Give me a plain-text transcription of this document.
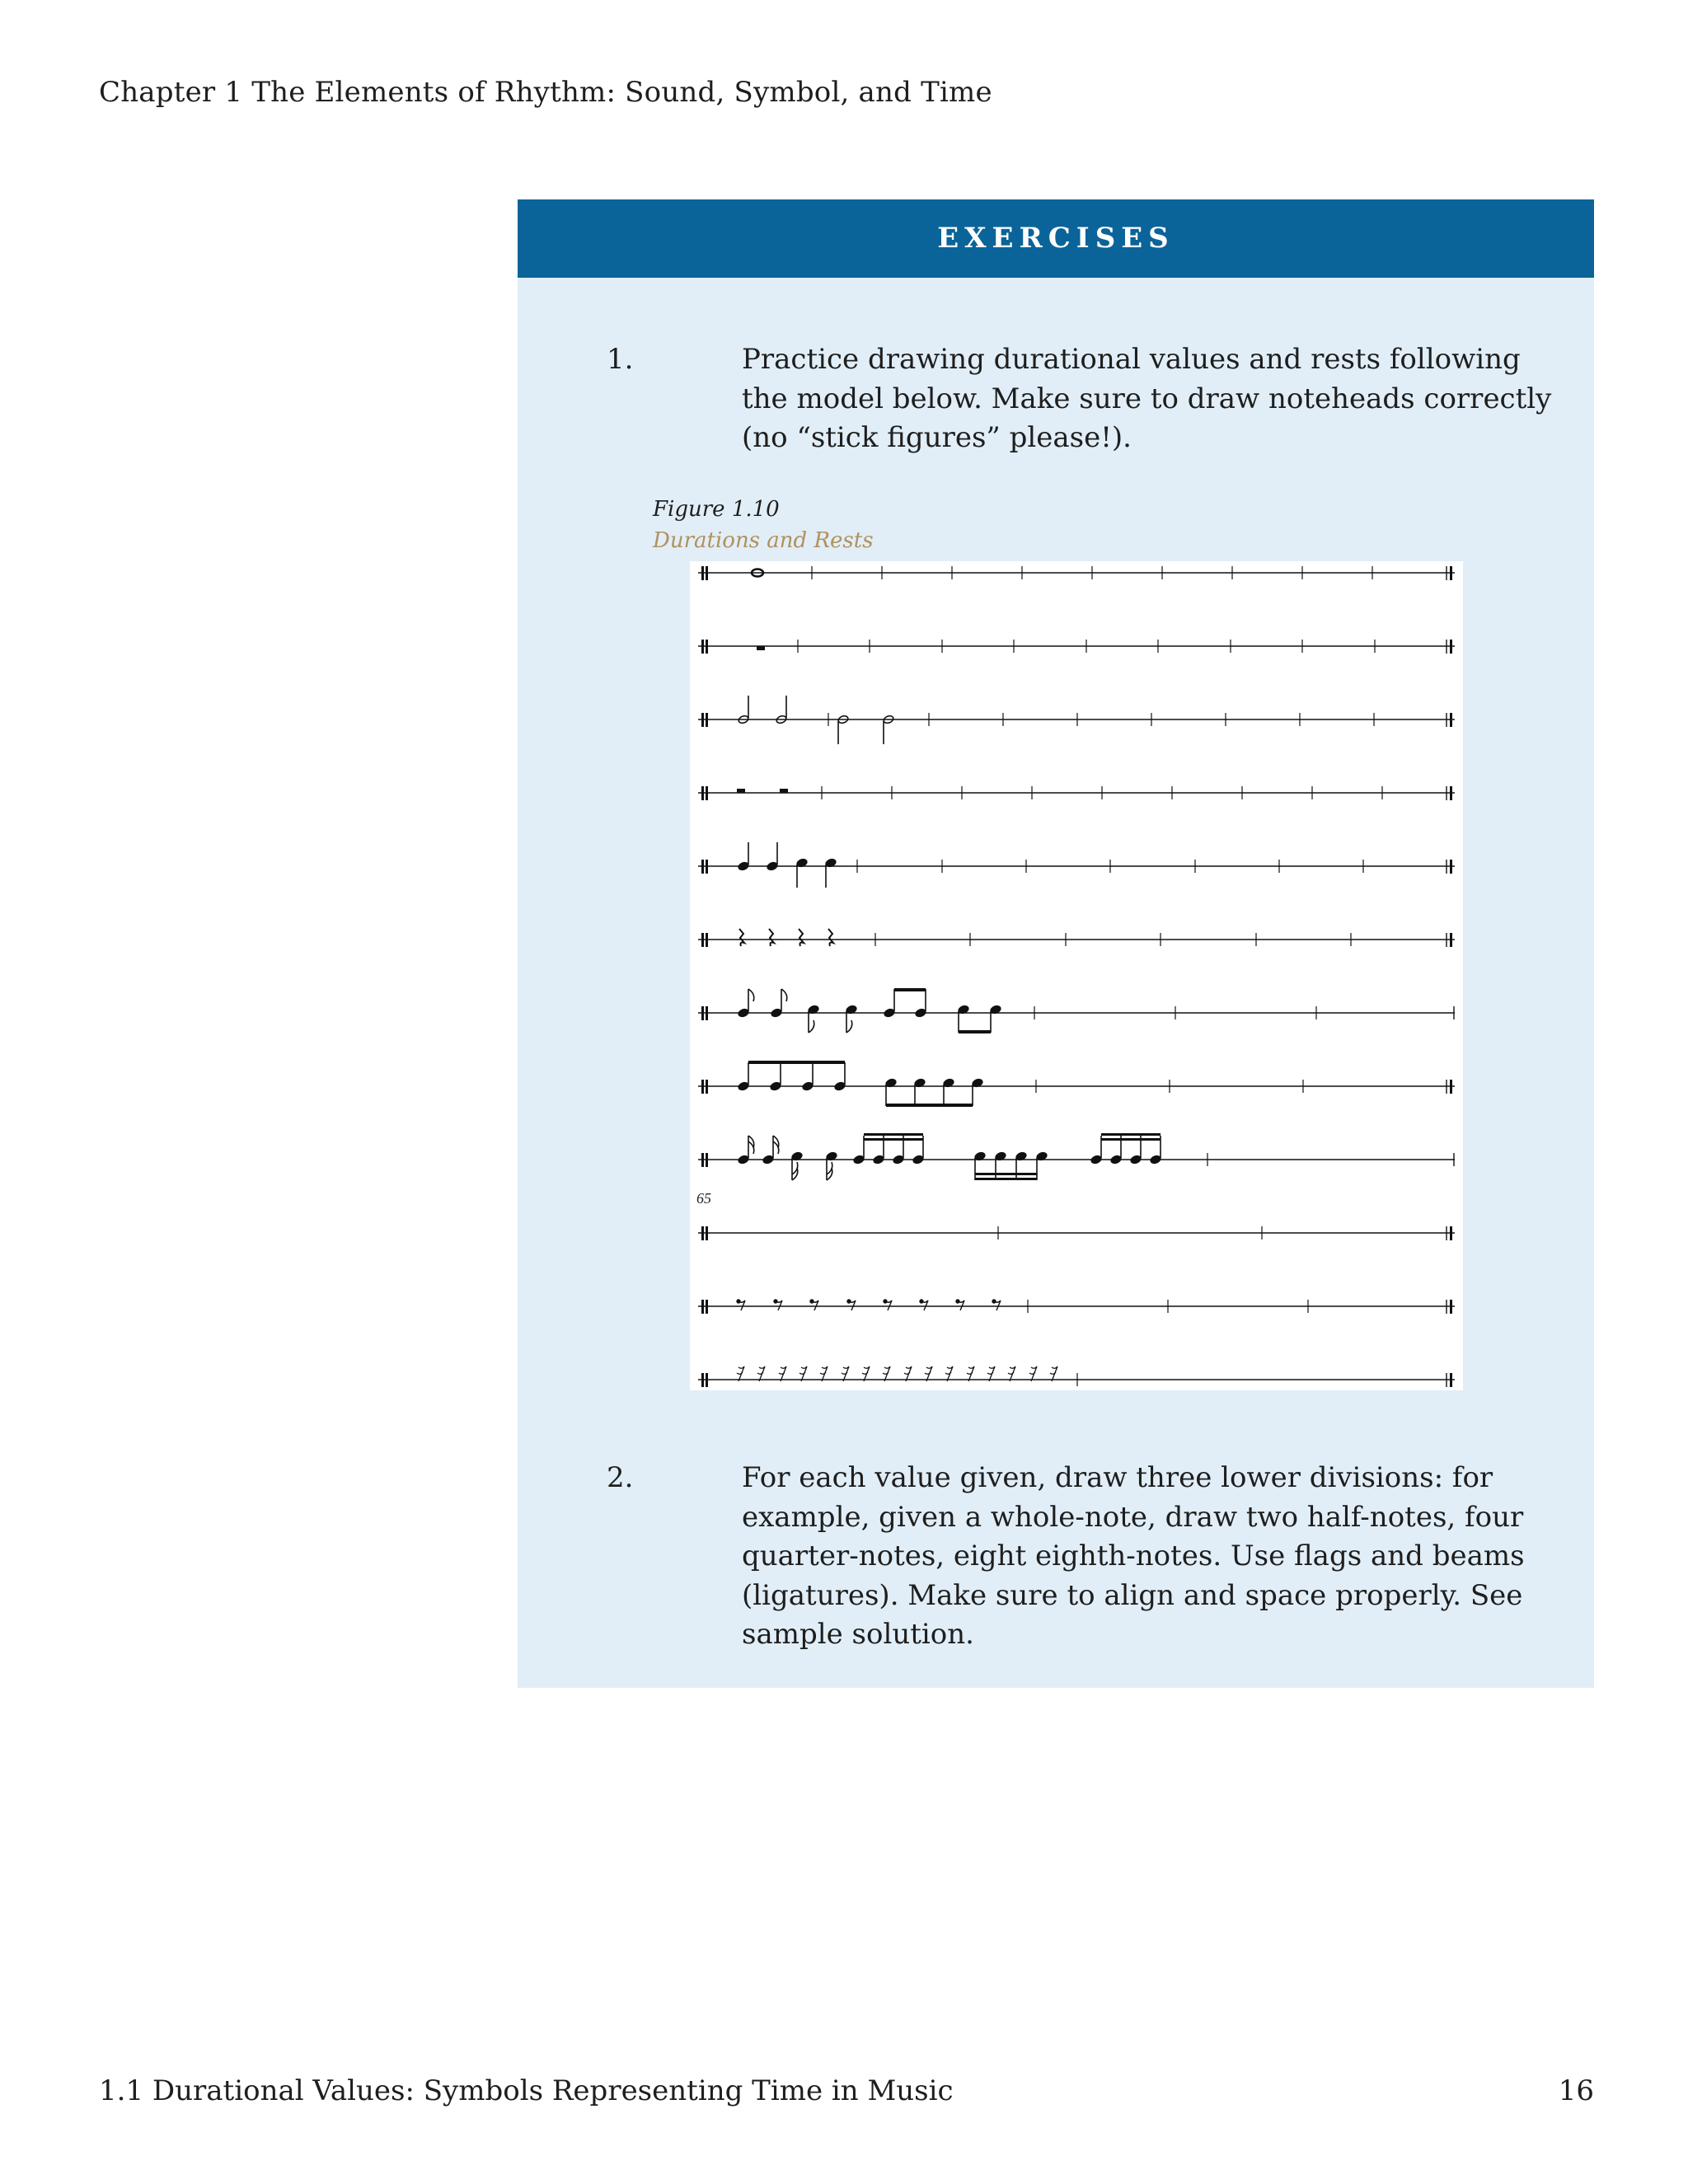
Chapter 1 The Elements of Rhythm: Sound, Symbol, and Time
EXERCISES
1.	Practice drawing durational values and rests following the model below. Make sure to draw noteheads correctly (no “stick figures” please!).
2.	For each value given, draw three lower divisions: for example, given a whole-note, draw two half-notes, four quarter-notes, eight eighth-notes. Use flags and beams (ligatures). Make sure to align and space properly. See sample solution.
Figure 1.10
Durations and Rests
65
1.1 Durational Values: Symbols Representing Time in Music	16
